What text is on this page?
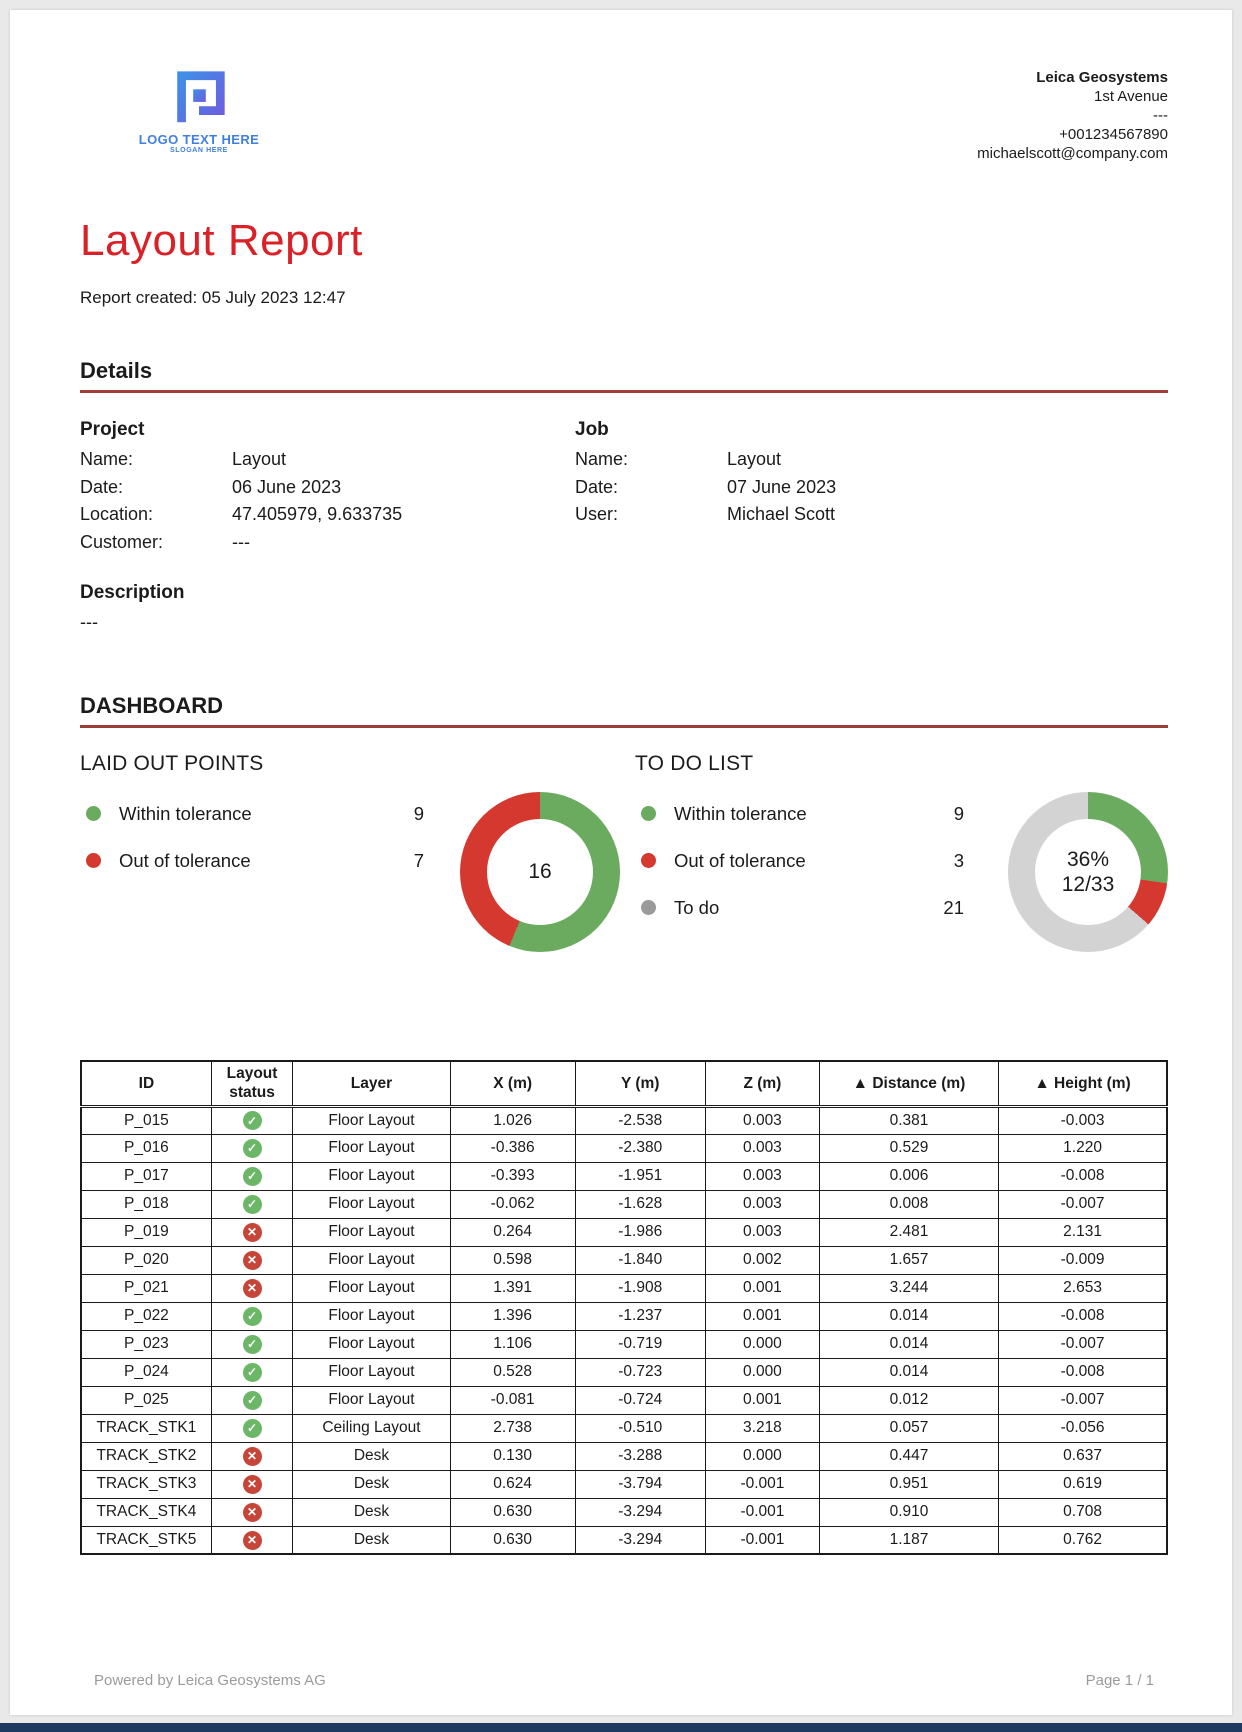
LOGO TEXT HERE
SLOGAN HERE
Leica Geosystems
1st Avenue
---
+001234567890
michaelscott@company.com
Layout Report
Report created: 05 July 2023 12:47
Details
Project
Name:	Layout
Date:	06 June 2023
Location:	47.405979, 9.633735
Customer:	---
Job
Name:	Layout
Date:	07 June 2023
User:	Michael Scott
Description
---
DASHBOARD
LAID OUT POINTS
Within tolerance	9
Out of tolerance	7
16
TO DO LIST
Within tolerance	9
Out of tolerance	3
To do	21
36%
12/33
ID	Layout status	Layer	X (m)	Y (m)	Z (m)	▲ Distance (m)	▲ Height (m)
P_015	✓	Floor Layout	1.026	-2.538	0.003	0.381	-0.003
P_016	✓	Floor Layout	-0.386	-2.380	0.003	0.529	1.220
P_017	✓	Floor Layout	-0.393	-1.951	0.003	0.006	-0.008
P_018	✓	Floor Layout	-0.062	-1.628	0.003	0.008	-0.007
P_019	✕	Floor Layout	0.264	-1.986	0.003	2.481	2.131
P_020	✕	Floor Layout	0.598	-1.840	0.002	1.657	-0.009
P_021	✕	Floor Layout	1.391	-1.908	0.001	3.244	2.653
P_022	✓	Floor Layout	1.396	-1.237	0.001	0.014	-0.008
P_023	✓	Floor Layout	1.106	-0.719	0.000	0.014	-0.007
P_024	✓	Floor Layout	0.528	-0.723	0.000	0.014	-0.008
P_025	✓	Floor Layout	-0.081	-0.724	0.001	0.012	-0.007
TRACK_STK1	✓	Ceiling Layout	2.738	-0.510	3.218	0.057	-0.056
TRACK_STK2	✕	Desk	0.130	-3.288	0.000	0.447	0.637
TRACK_STK3	✕	Desk	0.624	-3.794	-0.001	0.951	0.619
TRACK_STK4	✕	Desk	0.630	-3.294	-0.001	0.910	0.708
TRACK_STK5	✕	Desk	0.630	-3.294	-0.001	1.187	0.762
Powered by Leica Geosystems AG	Page 1 / 1
